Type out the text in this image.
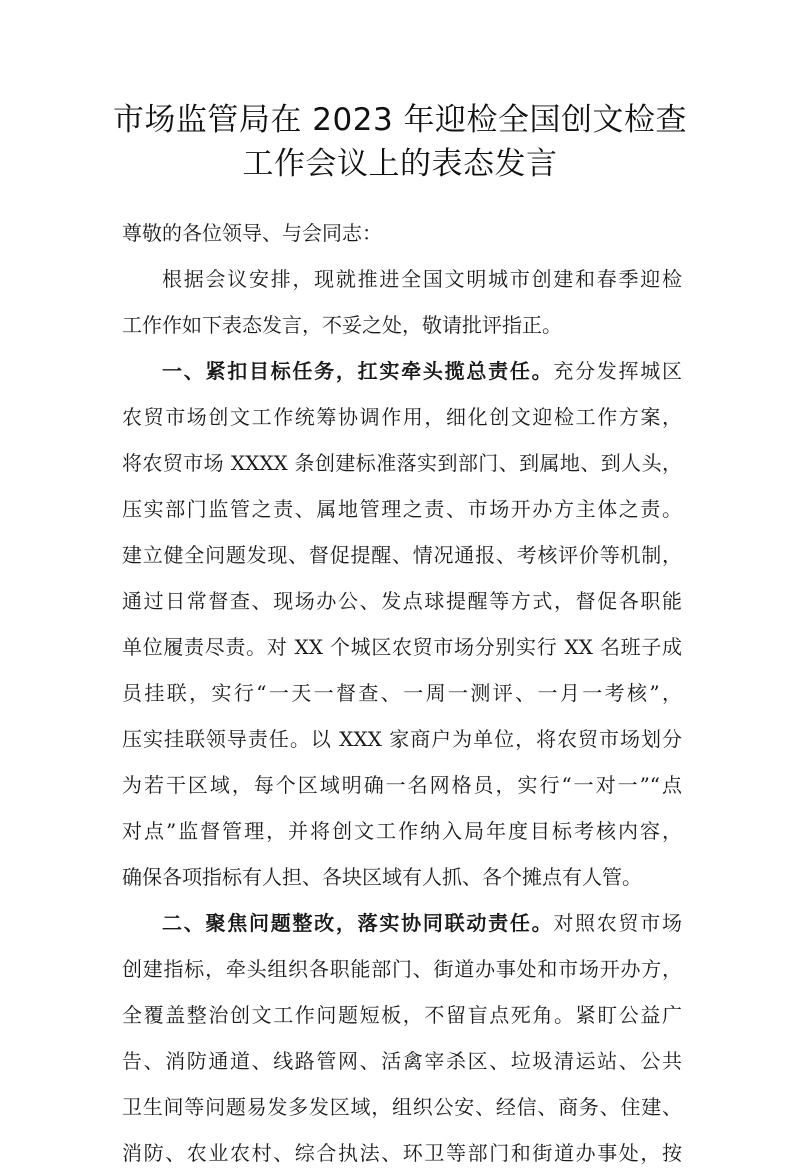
市场监管局在 2023 年迎检全国创文检查
工作会议上的表态发言
尊敬的各位领导、与会同志：
根据会议安排，现就推进全国文明城市创建和春季迎检
工作作如下表态发言，不妥之处，敬请批评指正。
一、紧扣目标任务，扛实牵头揽总责任。充分发挥城区
农贸市场创文工作统筹协调作用，细化创文迎检工作方案，
将农贸市场 XXXX 条创建标准落实到部门、到属地、到人头，
压实部门监管之责、属地管理之责、市场开办方主体之责。
建立健全问题发现、督促提醒、情况通报、考核评价等机制，
通过日常督查、现场办公、发点球提醒等方式，督促各职能
单位履责尽责。对 XX 个城区农贸市场分别实行 XX 名班子成
员挂联，实行“一天一督查、一周一测评、一月一考核”，
压实挂联领导责任。以 XXX 家商户为单位，将农贸市场划分
为若干区域，每个区域明确一名网格员，实行“一对一”“点
对点”监督管理，并将创文工作纳入局年度目标考核内容，
确保各项指标有人担、各块区域有人抓、各个摊点有人管。
二、聚焦问题整改，落实协同联动责任。对照农贸市场
创建指标，牵头组织各职能部门、街道办事处和市场开办方，
全覆盖整治创文工作问题短板，不留盲点死角。紧盯公益广
告、消防通道、线路管网、活禽宰杀区、垃圾清运站、公共
卫生间等问题易发多发区域，组织公安、经信、商务、住建、
消防、农业农村、综合执法、环卫等部门和街道办事处，按
